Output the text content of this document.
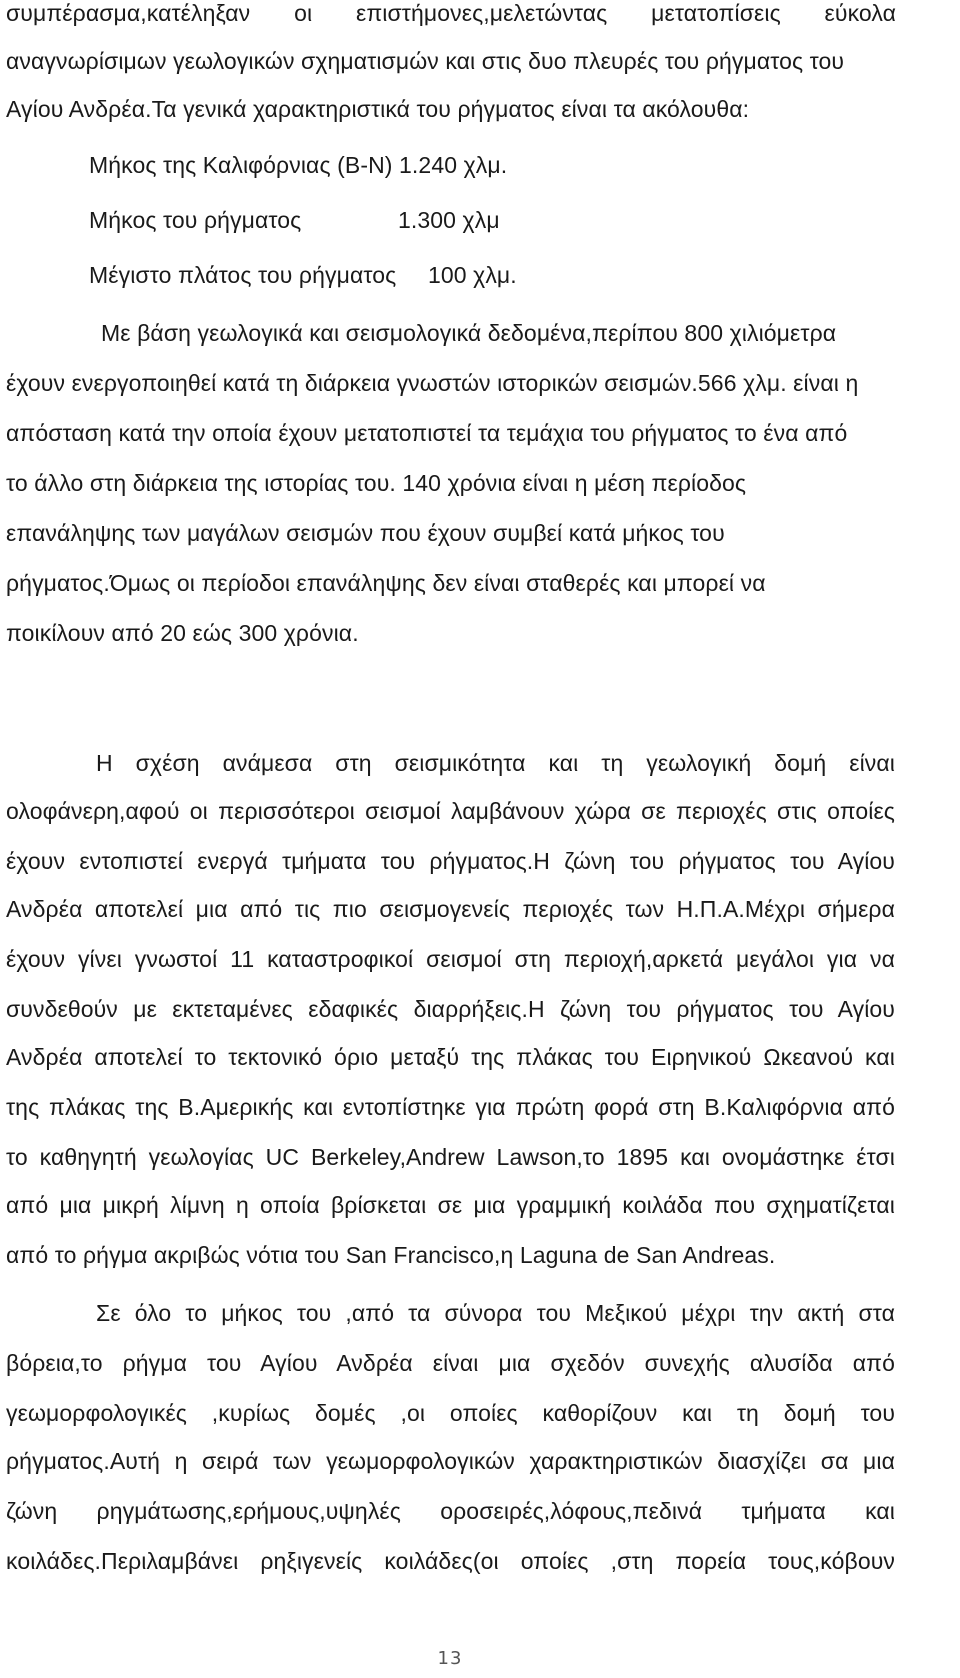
συμπέρασμα,κατέληξαν οι επιστήμονες,μελετώντας μετατοπίσεις εύκολα
αναγνωρίσιμων γεωλογικών σχηματισμών και στις δυο πλευρές του ρήγματος του
Αγίου Ανδρέα.Τα γενικά χαρακτηριστικά του ρήγματος είναι τα ακόλουθα:
Μήκος της Καλιφόρνιας (Β-Ν) 1.240 χλμ.
Μήκος του ρήγματος	1.300 χλμ
Μέγιστο πλάτος του ρήγματος 100 χλμ.
Με βάση γεωλογικά και σεισμολογικά δεδομένα,περίπου 800 χιλιόμετρα
έχουν ενεργοποιηθεί κατά τη διάρκεια γνωστών ιστορικών σεισμών.566 χλμ. είναι η
απόσταση κατά την οποία έχουν μετατοπιστεί τα τεμάχια του ρήγματος το ένα από
το άλλο στη διάρκεια της ιστορίας του. 140 χρόνια είναι η μέση περίοδος
επανάληψης των μαγάλων σεισμών που έχουν συμβεί κατά μήκος του
ρήγματος.Όμως οι περίοδοι επανάληψης δεν είναι σταθερές και μπορεί να
ποικίλουν από 20 εώς 300 χρόνια.
Η σχέση ανάμεσα στη σεισμικότητα και τη γεωλογική δομή είναι
ολοφάνερη,αφού οι περισσότεροι σεισμοί λαμβάνουν χώρα σε περιοχές στις οποίες
έχουν εντοπιστεί ενεργά τμήματα του ρήγματος.Η ζώνη του ρήγματος του Αγίου
Ανδρέα αποτελεί μια από τις πιο σεισμογενείς περιοχές των Η.Π.Α.Μέχρι σήμερα
έχουν γίνει γνωστοί 11 καταστροφικοί σεισμοί στη περιοχή,αρκετά μεγάλοι για να
συνδεθούν με εκτεταμένες εδαφικές διαρρήξεις.Η ζώνη του ρήγματος του Αγίου
Ανδρέα αποτελεί το τεκτονικό όριο μεταξύ της πλάκας του Ειρηνικού Ωκεανού και
της πλάκας της Β.Αμερικής και εντοπίστηκε για πρώτη φορά στη Β.Καλιφόρνια από
το καθηγητή γεωλογίας UC Berkeley,Andrew Lawson,το 1895 και ονομάστηκε έτσι
από μια μικρή λίμνη η οποία βρίσκεται σε μια γραμμική κοιλάδα που σχηματίζεται
από το ρήγμα ακριβώς νότια του San Francisco,η Laguna de San Andreas.
Σε όλο το μήκος του ,από τα σύνορα του Μεξικού μέχρι την ακτή στα
βόρεια,το ρήγμα του Αγίου Ανδρέα είναι μια σχεδόν συνεχής αλυσίδα από
γεωμορφολογικές ,κυρίως δομές ,οι οποίες καθορίζουν και τη δομή του
ρήγματος.Αυτή η σειρά των γεωμορφολογικών χαρακτηριστικών διασχίζει σα μια
ζώνη ρηγμάτωσης,ερήμους,υψηλές οροσειρές,λόφους,πεδινά τμήματα και
κοιλάδες.Περιλαμβάνει ρηξιγενείς κοιλάδες(οι οποίες ,στη πορεία τους,κόβουν
13
